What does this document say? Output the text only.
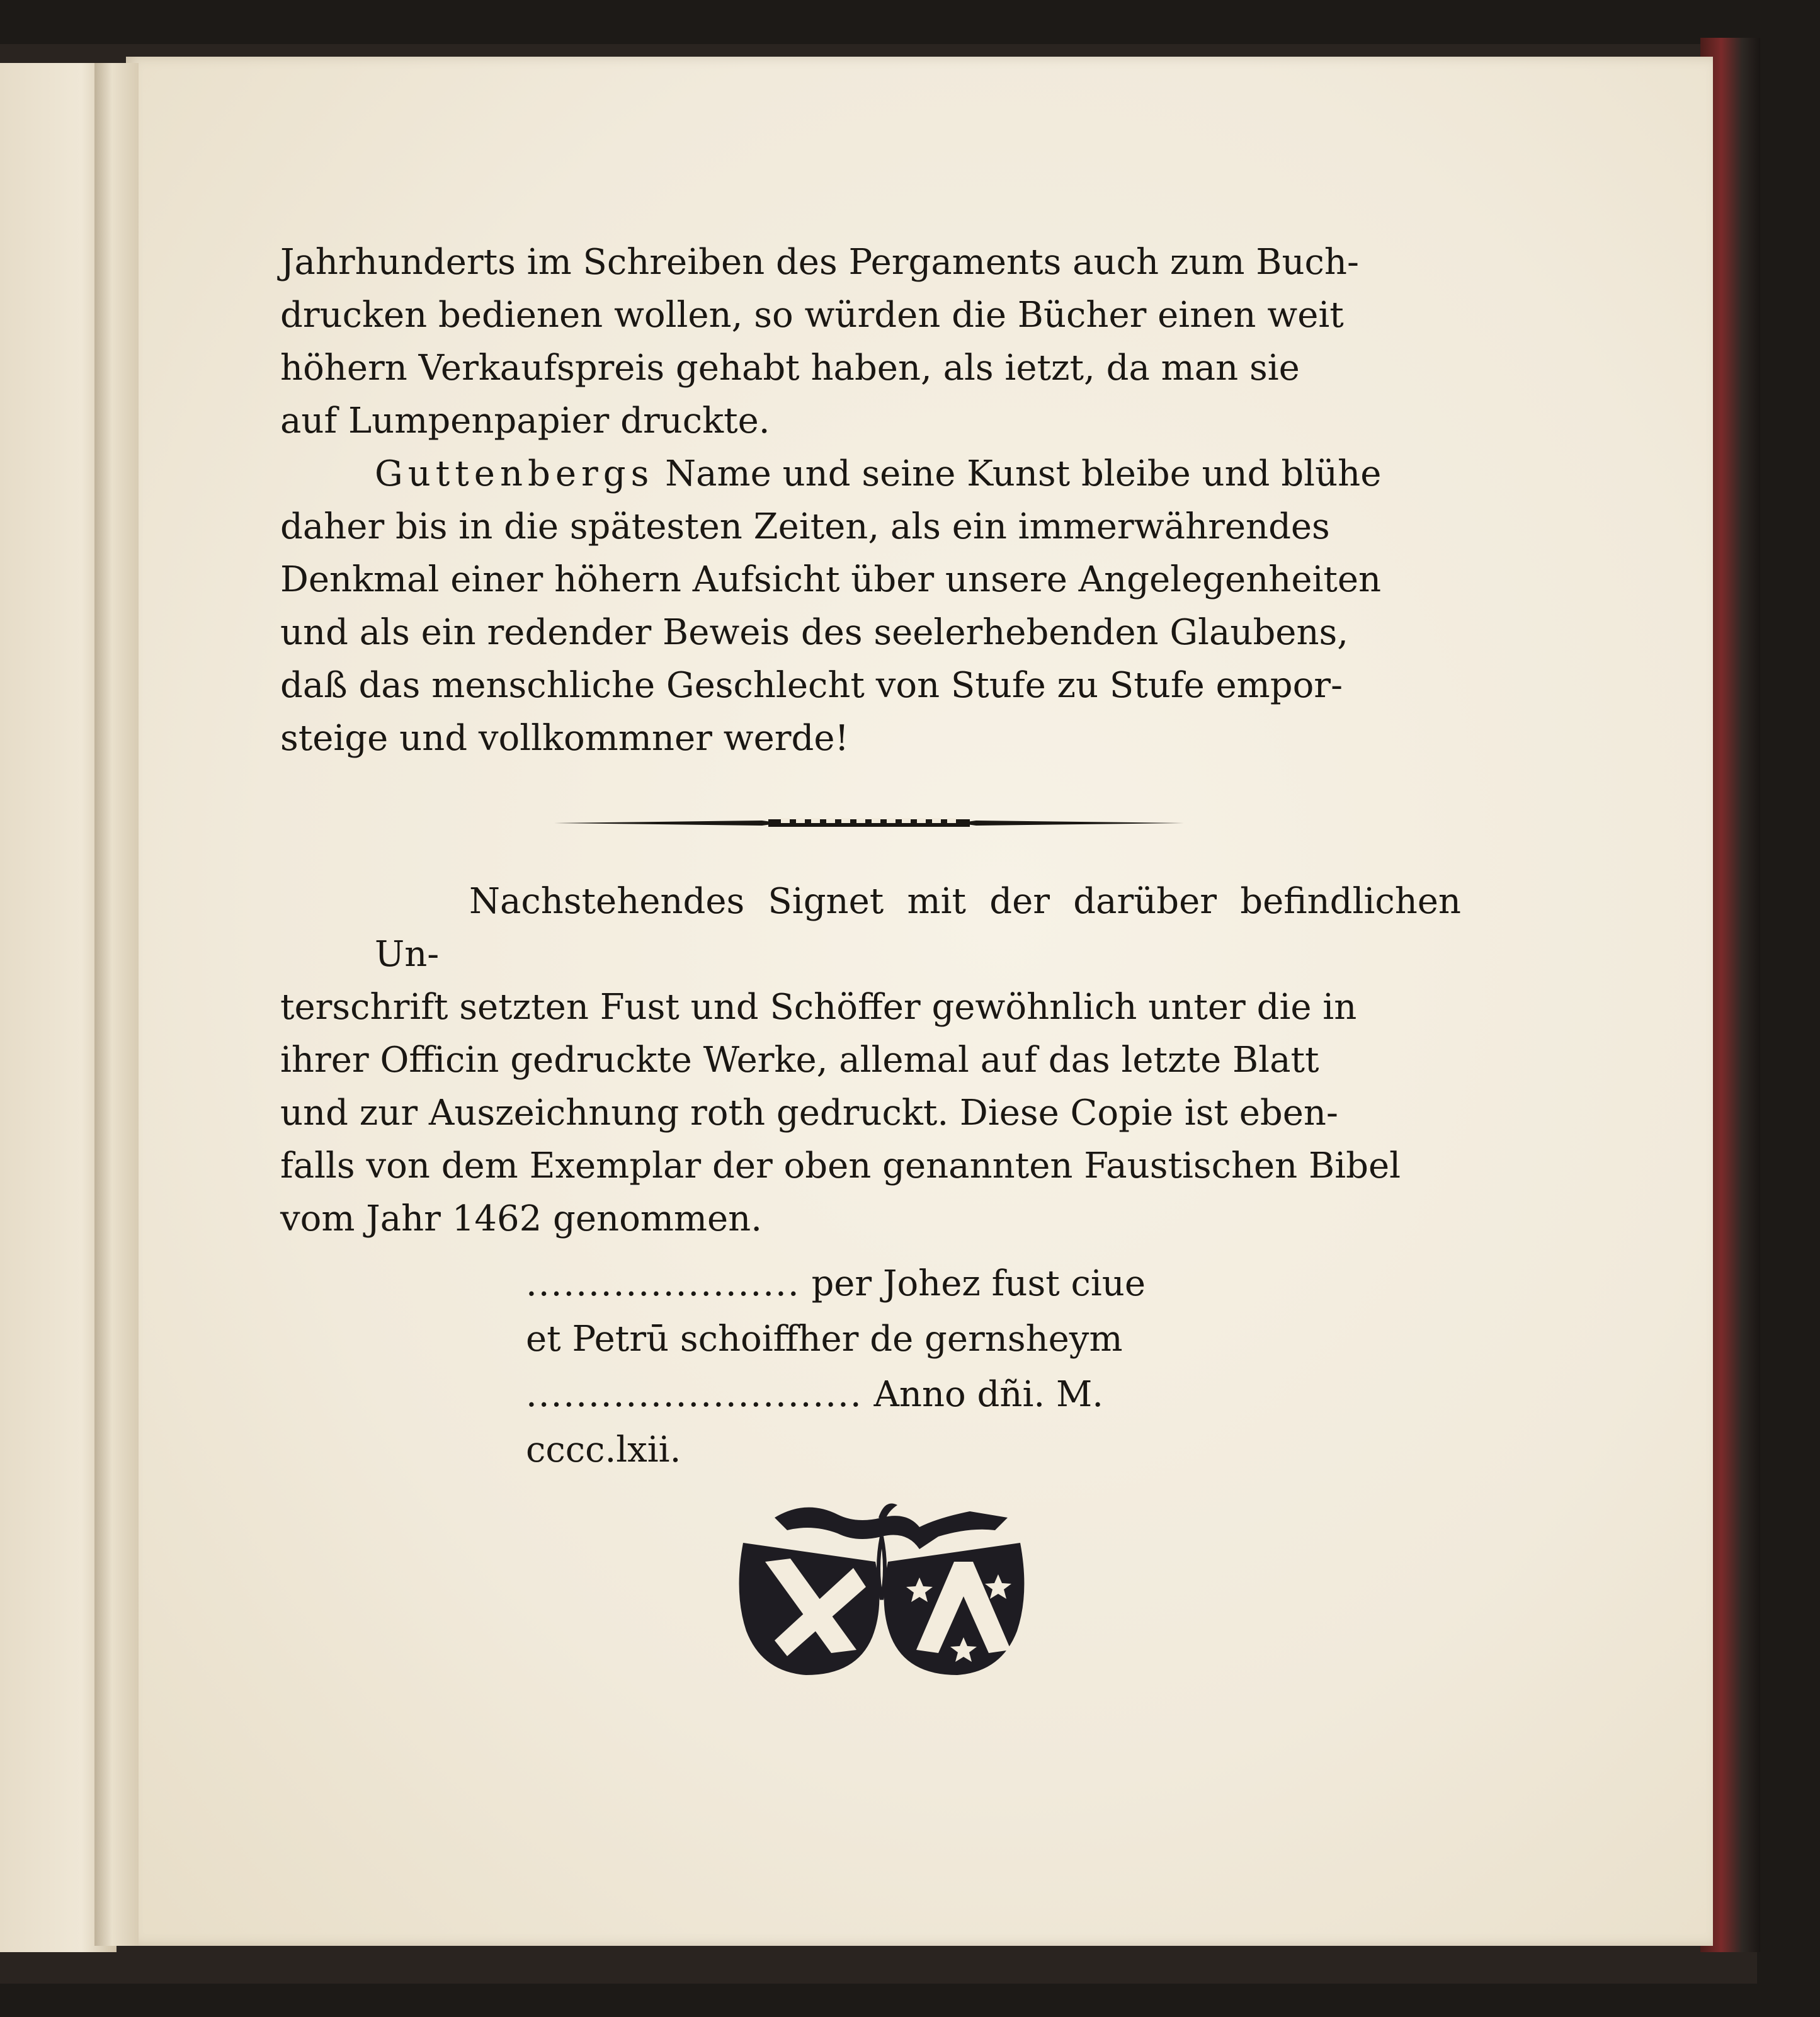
Jahrhunderts im Schreiben des Pergaments auch zum Buch-
drucken bedienen wollen, so würden die Bücher einen weit
höhern Verkaufspreis gehabt haben, als ietzt, da man sie
auf Lumpenpapier druckte.

Guttenbergs Name und seine Kunst bleibe und blühe
daher bis in die spätesten Zeiten, als ein immerwährendes
Denkmal einer höhern Aufsicht über unsere Angelegenheiten
und als ein redender Beweis des seelerhebenden Glaubens,
daß das menschliche Geschlecht von Stufe zu Stufe empor-
steige und vollkommner werde!

Nachstehendes Signet mit der darüber befindlichen Un-
terschrift setzten Fust und Schöffer gewöhnlich unter die in
ihrer Officin gedruckte Werke, allemal auf das letzte Blatt
und zur Auszeichnung roth gedruckt. Diese Copie ist eben-
falls von dem Exemplar der oben genannten Faustischen Bibel
vom Jahr 1462 genommen.

...................... per Johez fust ciue
et Petrū schoiffher de gernsheym
........................... Anno dñi. M.
cccc.lxii.
